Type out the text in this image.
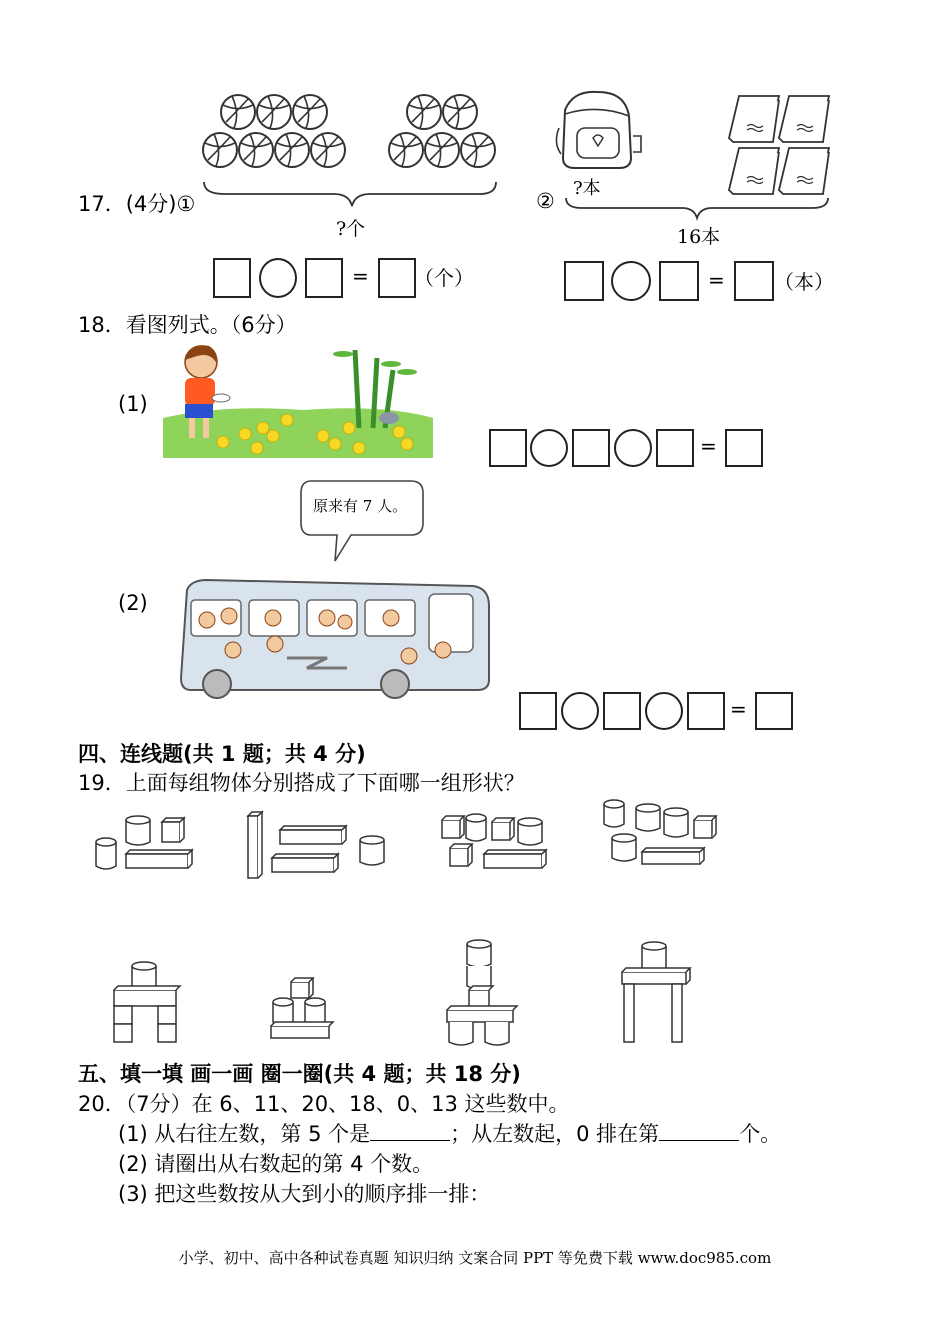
17．(4分)①
?个
= （个）
②
?本
16本
= （本）
18．看图列式。（6分）
(1)
=
原来有 7 人。
(2)
=
四、连线题(共 1 题；共 4 分)
19．上面每组物体分别搭成了下面哪一组形状？
五、填一填 画一画 圈一圈(共 4 题；共 18 分)
20．（7分）在 6、11、20、18、0、13 这些数中。
(1) 从右往左数，第 5 个是	；从左数起，0 排在第	个。
(2) 请圈出从右数起的第 4 个数。
(3) 把这些数按从大到小的顺序排一排：
小学、初中、高中各种试卷真题 知识归纳 文案合同 PPT 等免费下载 www.doc985.com
